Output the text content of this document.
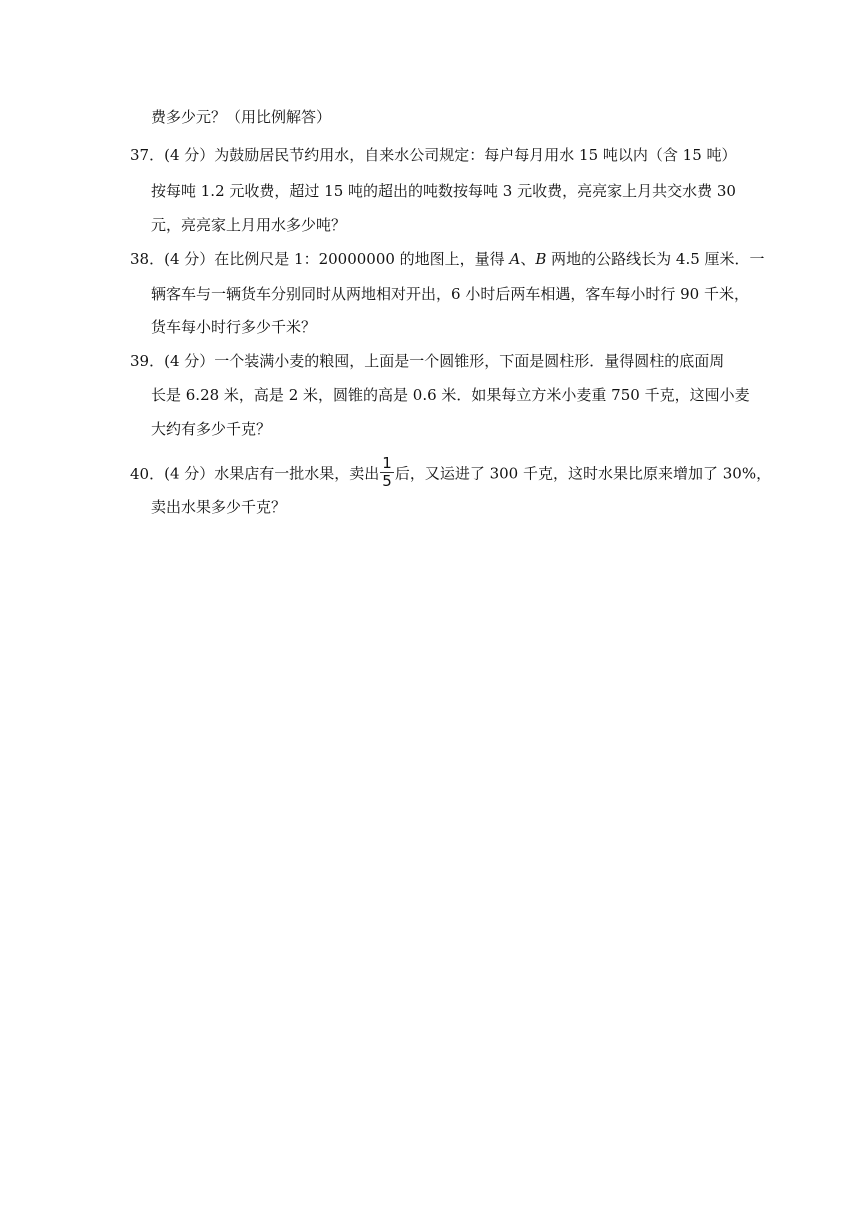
费多少元？（用比例解答）
37．(4 分）为鼓励居民节约用水，自来水公司规定：每户每月用水 15 吨以内（含 15 吨）
按每吨 1.2 元收费，超过 15 吨的超出的吨数按每吨 3 元收费，亮亮家上月共交水费 30
元，亮亮家上月用水多少吨？
38．(4 分）在比例尺是 1：20000000 的地图上，量得 A、B 两地的公路线长为 4.5 厘米．一
辆客车与一辆货车分别同时从两地相对开出，6 小时后两车相遇，客车每小时行 90 千米，
货车每小时行多少千米？
39．(4 分）一个装满小麦的粮囤，上面是一个圆锥形，下面是圆柱形．量得圆柱的底面周
长是 6.28 米，高是 2 米，圆锥的高是 0.6 米．如果每立方米小麦重 750 千克，这囤小麦
大约有多少千克？
40．(4 分）水果店有一批水果，卖出 $\frac{1}{5}$ 后，又运进了 300 千克，这时水果比原来增加了 30%，
卖出水果多少千克？
